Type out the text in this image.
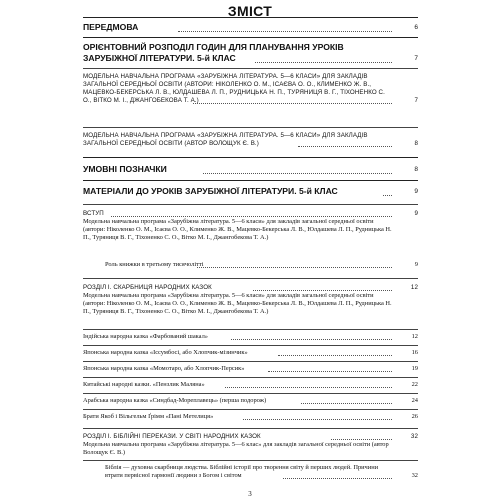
ЗМІСТ
ПЕРЕДМОВА	6
ОРІЄНТОВНИЙ РОЗПОДІЛ ГОДИН ДЛЯ ПЛАНУВАННЯ УРОКІВ ЗАРУБІЖНОЇ ЛІТЕРАТУРИ. 5-й КЛАС	7
МОДЕЛЬНА НАВЧАЛЬНА ПРОГРАМА «ЗАРУБІЖНА ЛІТЕРАТУРА. 5—6 КЛАСИ» ДЛЯ ЗАКЛАДІВ ЗАГАЛЬНОЇ СЕРЕДНЬОЇ ОСВІТИ (АВТОРИ: НІКОЛЕНКО О. М., ІСАЄВА О. О., КЛИМЕНКО Ж. В., МАЦЕВКО-БЕКЕРСЬКА Л. В., ЮЛДАШЕВА Л. П., РУДНИЦЬКА Н. П., ТУРЯНИЦЯ В. Г., ТІХОНЕНКО С. О., ВІТКО М. І., ДЖАНГОБЕКОВА Т. А.)	7
МОДЕЛЬНА НАВЧАЛЬНА ПРОГРАМА «ЗАРУБІЖНА ЛІТЕРАТУРА. 5—6 КЛАСИ» ДЛЯ ЗАКЛАДІВ ЗАГАЛЬНОЇ СЕРЕДНЬОЇ ОСВІТИ (АВТОР ВОЛОЩУК Є. В.)	8
УМОВНІ ПОЗНАЧКИ	8
МАТЕРІАЛИ ДО УРОКІВ ЗАРУБІЖНОЇ ЛІТЕРАТУРИ. 5-й КЛАС	9
ВСТУП	9
Модельна навчальна програма «Зарубіжна література. 5—6 класи» для закладів загальної середньої освіти (автори: Ніколенко О. М., Ісаєва О. О., Клименко Ж. В., Мацевко-Бекерська Л. В., Юлдашева Л. П., Рудницька Н. П., Туряниця В. Г., Тіхоненко С. О., Вітко М. І., Джангобекова Т. А.)
Роль книжки в третьому тисячолітті	9
РОЗДІЛ І. СКАРБНИЦЯ НАРОДНИХ КАЗОК	12
Модельна навчальна програма «Зарубіжна література. 5—6 класи» для закладів загальної середньої освіти (автори: Ніколенко О. М., Ісаєва О. О., Клименко Ж. В., Мацевко-Бекерська Л. В., Юлдашева Л. П., Рудницька Н. П., Туряниця В. Г., Тіхоненко С. О., Вітко М. І., Джангобекова Т. А.)
Індійська народна казка «Фарбований шакал»	12
Японська народна казка «Іссумбосі, або Хлопчик-мізинчик»	16
Японська народна казка «Момотаро, або Хлопчик-Персик»	19
Китайські народні казки. «Пензлик Маляна»	22
Арабська народна казка «Синдбад-Мореплавець» (перша подорож)	24
Брати Якоб і Вільгельм Ґрімм «Пані Метелиця»	26
РОЗДІЛ І. БІБЛІЙНІ ПЕРЕКАЗИ. У СВІТІ НАРОДНИХ КАЗОК	32
Модельна навчальна програма «Зарубіжна література. 5—6 клас» для закладів загальної середньої освіти (автор Волощук Є. В.)
Біблія — духовна скарбниця людства. Біблійні історії про творення світу й перших людей. Причини втрати первісної гармонії людини з Богом і світом	32
3
